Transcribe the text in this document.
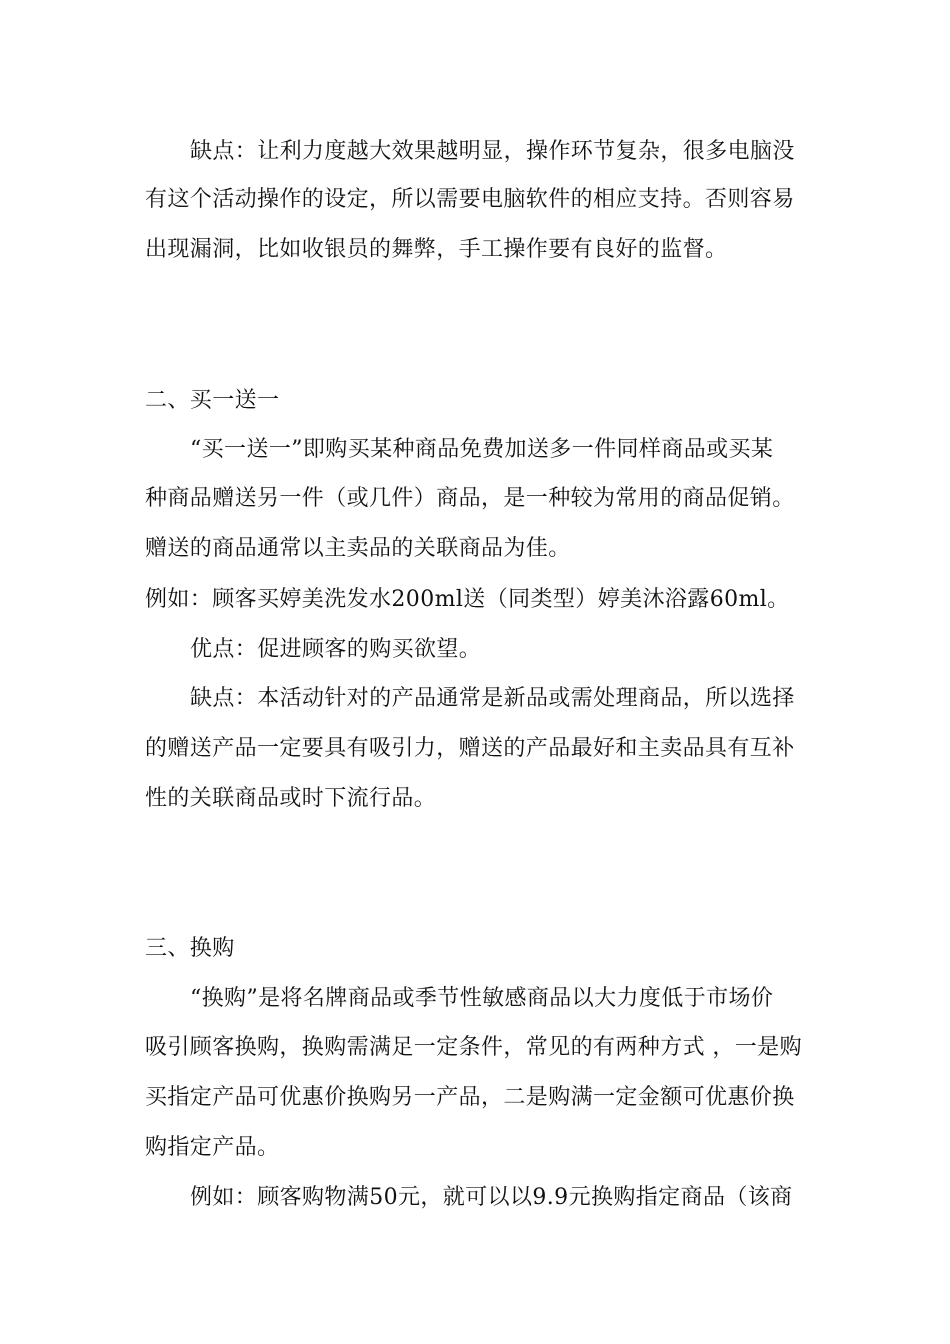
缺点：让利力度越大效果越明显，操作环节复杂，很多电脑没
有这个活动操作的设定，所以需要电脑软件的相应支持。否则容易
出现漏洞，比如收银员的舞弊，手工操作要有良好的监督。
二、买一送一
“买一送一”即购买某种商品免费加送多一件同样商品或买某
种商品赠送另一件（或几件）商品，是一种较为常用的商品促销。
赠送的商品通常以主卖品的关联商品为佳。
例如：顾客买婷美洗发水200ml送（同类型）婷美沐浴露60ml。
优点：促进顾客的购买欲望。
缺点：本活动针对的产品通常是新品或需处理商品，所以选择
的赠送产品一定要具有吸引力，赠送的产品最好和主卖品具有互补
性的关联商品或时下流行品。
三、换购
“换购”是将名牌商品或季节性敏感商品以大力度低于市场价
吸引顾客换购，换购需满足一定条件，常见的有两种方式 ，一是购
买指定产品可优惠价换购另一产品，二是购满一定金额可优惠价换
购指定产品。
例如：顾客购物满50元，就可以以9.9元换购指定商品（该商
